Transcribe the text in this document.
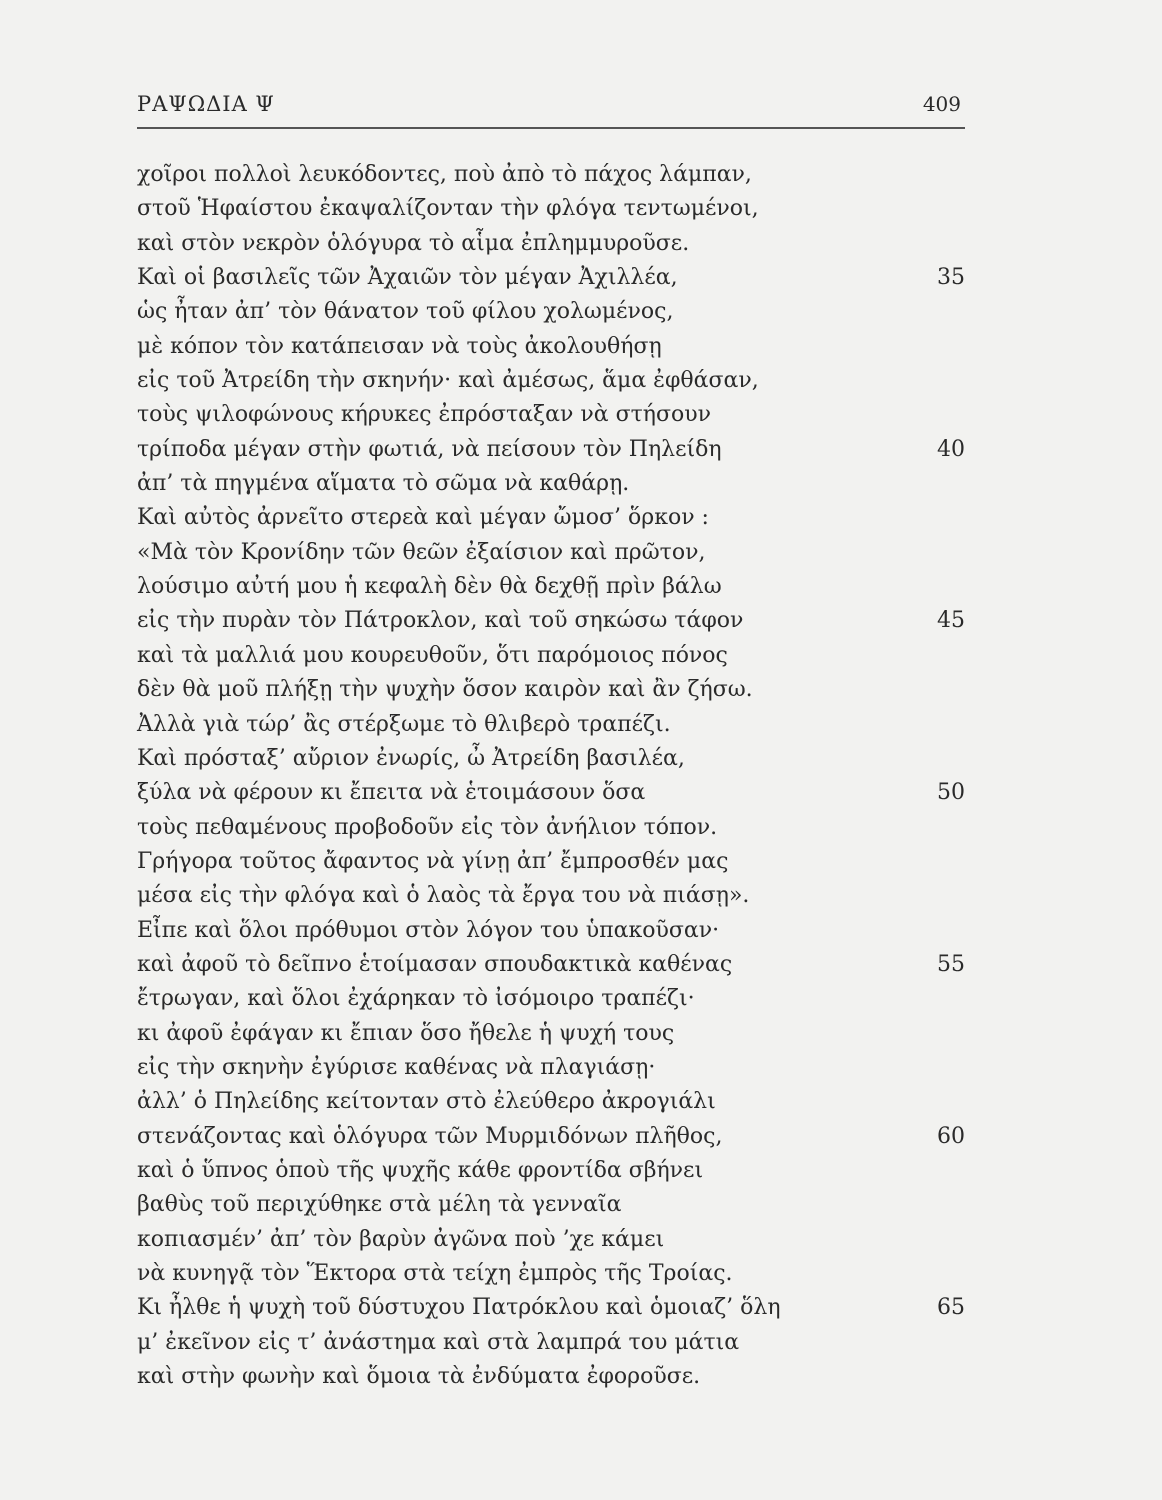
ΡΑΨΩΔΙΑ Ψ	409
χοῖροι πολλοὶ λευκόδοντες, ποὺ ἀπὸ τὸ πάχος λάμπαν,
στοῦ Ἡφαίστου ἐκαψαλίζονταν τὴν φλόγα τεντωμένοι,
καὶ στὸν νεκρὸν ὁλόγυρα τὸ αἷμα ἐπλημμυροῦσε.
Καὶ οἱ βασιλεῖς τῶν Ἀχαιῶν τὸν μέγαν Ἀχιλλέα,	35
ὡς ἦταν ἀπ’ τὸν θάνατον τοῦ φίλου χολωμένος,
μὲ κόπον τὸν κατάπεισαν νὰ τοὺς ἀκολουθήσῃ
εἰς τοῦ Ἀτρείδη τὴν σκηνήν· καὶ ἀμέσως, ἅμα ἐφθάσαν,
τοὺς ψιλοφώνους κήρυκες ἐπρόσταξαν νὰ στήσουν
τρίποδα μέγαν στὴν φωτιά, νὰ πείσουν τὸν Πηλείδη	40
ἀπ’ τὰ πηγμένα αἵματα τὸ σῶμα νὰ καθάρῃ.
Καὶ αὐτὸς ἀρνεῖτο στερεὰ καὶ μέγαν ὤμοσ’ ὅρκον :
«Μὰ τὸν Κρονίδην τῶν θεῶν ἐξαίσιον καὶ πρῶτον,
λούσιμο αὐτή μου ἡ κεφαλὴ δὲν θὰ δεχθῇ πρὶν βάλω
εἰς τὴν πυρὰν τὸν Πάτροκλον, καὶ τοῦ σηκώσω τάφον	45
καὶ τὰ μαλλιά μου κουρευθοῦν, ὅτι παρόμοιος πόνος
δὲν θὰ μοῦ πλήξῃ τὴν ψυχὴν ὅσον καιρὸν καὶ ἂν ζήσω.
Ἀλλὰ γιὰ τώρ’ ἂς στέρξωμε τὸ θλιβερὸ τραπέζι.
Καὶ πρόσταξ’ αὔριον ἐνωρίς, ὦ Ἀτρείδη βασιλέα,
ξύλα νὰ φέρουν κι ἔπειτα νὰ ἑτοιμάσουν ὅσα	50
τοὺς πεθαμένους προβοδοῦν εἰς τὸν ἀνήλιον τόπον.
Γρήγορα τοῦτος ἄφαντος νὰ γίνῃ ἀπ’ ἔμπροσθέν μας
μέσα εἰς τὴν φλόγα καὶ ὁ λαὸς τὰ ἔργα του νὰ πιάσῃ».
Εἶπε καὶ ὅλοι πρόθυμοι στὸν λόγον του ὑπακοῦσαν·
καὶ ἀφοῦ τὸ δεῖπνο ἑτοίμασαν σπουδακτικὰ καθένας	55
ἔτρωγαν, καὶ ὅλοι ἐχάρηκαν τὸ ἰσόμοιρο τραπέζι·
κι ἀφοῦ ἐφάγαν κι ἔπιαν ὅσο ἤθελε ἡ ψυχή τους
εἰς τὴν σκηνὴν ἐγύρισε καθένας νὰ πλαγιάσῃ·
ἀλλ’ ὁ Πηλείδης κείτονταν στὸ ἐλεύθερο ἀκρογιάλι
στενάζοντας καὶ ὁλόγυρα τῶν Μυρμιδόνων πλῆθος,	60
καὶ ὁ ὕπνος ὁποὺ τῆς ψυχῆς κάθε φροντίδα σβήνει
βαθὺς τοῦ περιχύθηκε στὰ μέλη τὰ γενναῖα
κοπιασμέν’ ἀπ’ τὸν βαρὺν ἀγῶνα ποὺ ’χε κάμει
νὰ κυνηγᾷ τὸν Ἕκτορα στὰ τείχη ἐμπρὸς τῆς Τροίας.
Κι ἦλθε ἡ ψυχὴ τοῦ δύστυχου Πατρόκλου καὶ ὁμοιαζ’ ὅλη	65
μ’ ἐκεῖνον εἰς τ’ ἀνάστημα καὶ στὰ λαμπρά του μάτια
καὶ στὴν φωνὴν καὶ ὅμοια τὰ ἐνδύματα ἐφοροῦσε.
